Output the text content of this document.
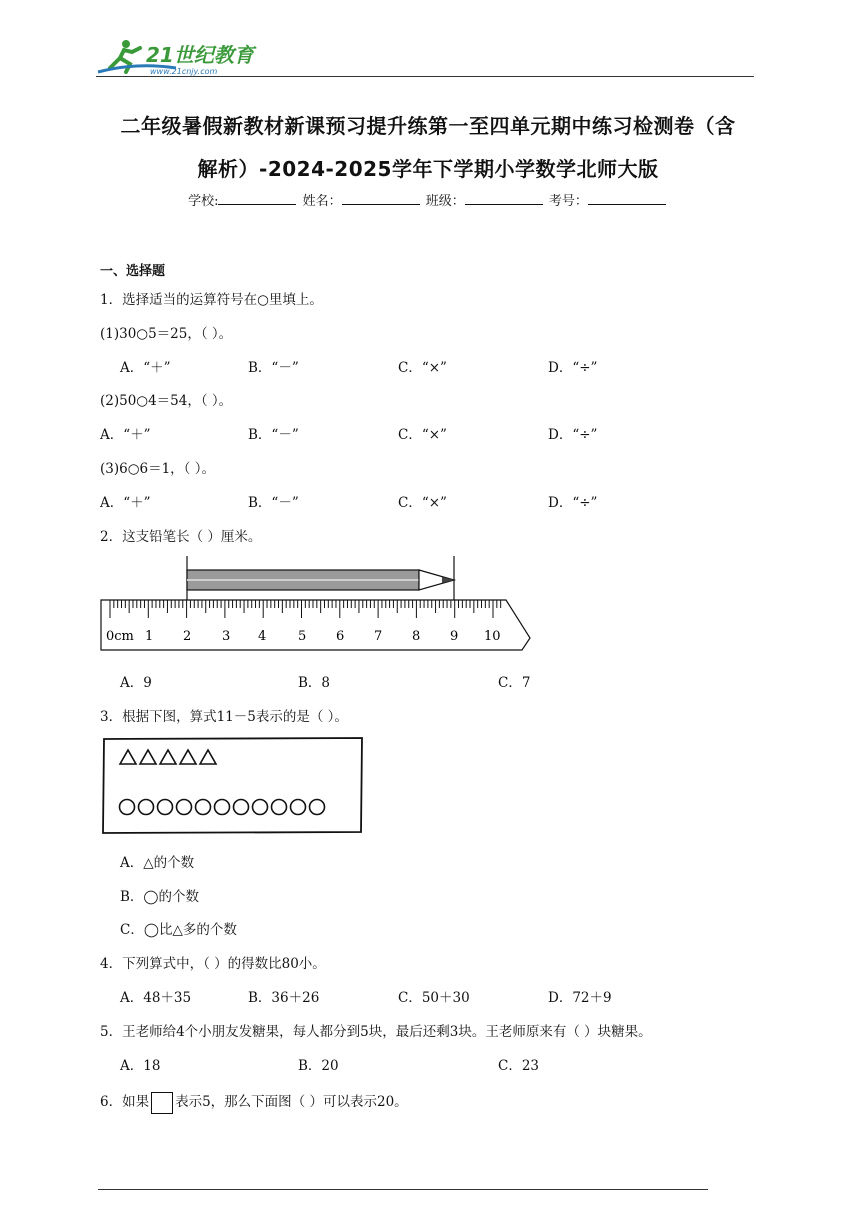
21世纪教育
www.21cnjy.com
二年级暑假新教材新课预习提升练第一至四单元期中练习检测卷（含
解析）-2024-2025学年下学期小学数学北师大版
学校:	姓名：	班级：	考号：
一、选择题
1．选择适当的运算符号在○里填上。
(1)30○5＝25，（ ）。
A．“＋”	B．“－”	C．“×”	D．“÷”
(2)50○4＝54，（ ）。
A．“＋”	B．“－”	C．“×”	D．“÷”
(3)6○6＝1，（ ）。
A．“＋”	B．“－”	C．“×”	D．“÷”
2．这支铅笔长（ ）厘米。
0cm 1 2 3 4 5 6 7 8 9 10
A．9	B．8	C．7
3．根据下图，算式11－5表示的是（ ）。
A．△的个数
B．◯的个数
C．◯比△多的个数
4．下列算式中，（ ）的得数比80小。
A．48＋35	B．36＋26	C．50＋30	D．72＋9
5．王老师给4个小朋友发糖果，每人都分到5块，最后还剩3块。王老师原来有（ ）块糖果。
A．18	B．20	C．23
6．如果 表示5，那么下面图（ ）可以表示20。
